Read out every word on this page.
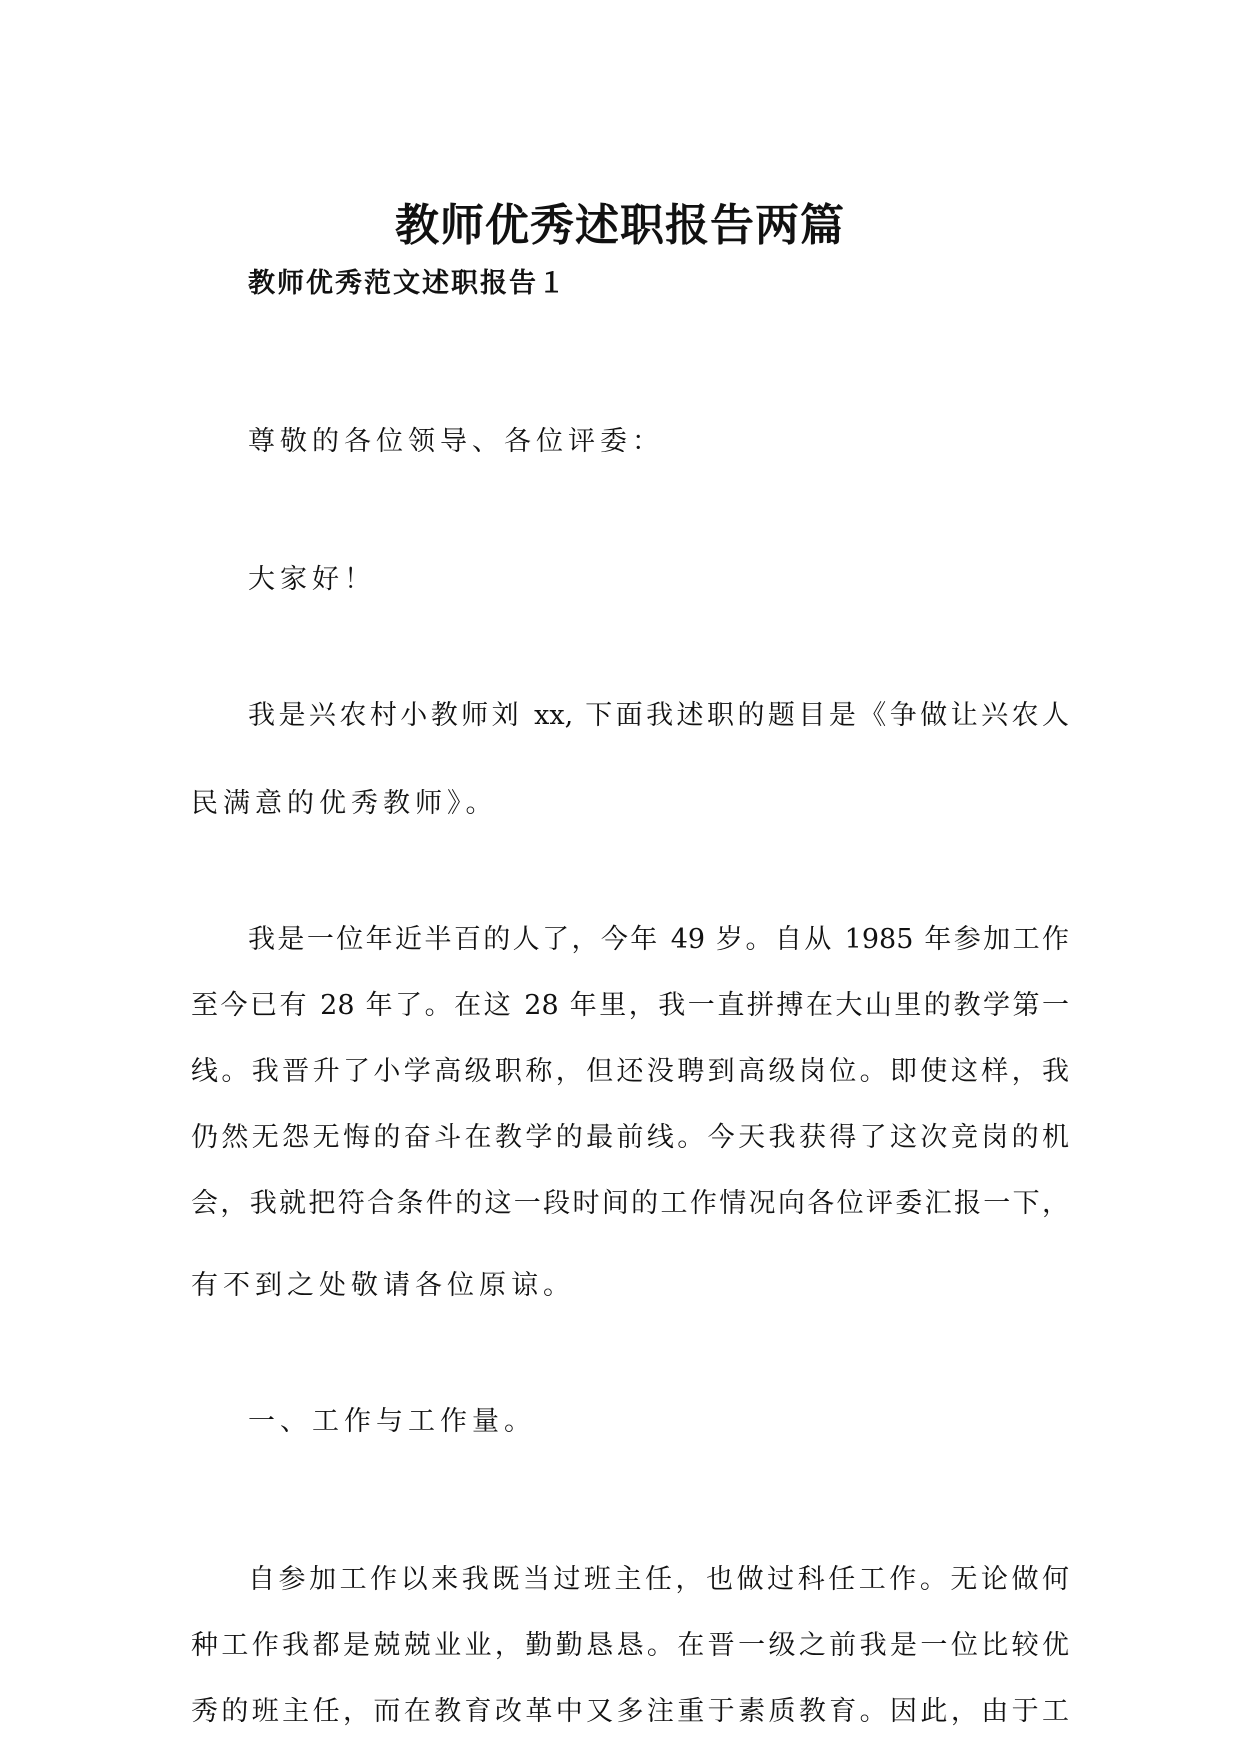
教师优秀述职报告两篇
教师优秀范文述职报告１

尊敬的各位领导、各位评委：

大家好！

我是兴农村小教师刘 xx, 下面我述职的题目是《争做让兴农人

民满意的优秀教师》。

我是一位年近半百的人了，今年 49 岁。自从 1985 年参加工作

至今已有 28 年了。在这 28 年里，我一直拼搏在大山里的教学第一

线。我晋升了小学高级职称，但还没聘到高级岗位。即使这样，我

仍然无怨无悔的奋斗在教学的最前线。今天我获得了这次竞岗的机

会，我就把符合条件的这一段时间的工作情况向各位评委汇报一下，

有不到之处敬请各位原谅。

一、工作与工作量。

自参加工作以来我既当过班主任，也做过科任工作。无论做何

种工作我都是兢兢业业，勤勤恳恳。在晋一级之前我是一位比较优

秀的班主任，而在教育改革中又多注重于素质教育。因此，由于工
